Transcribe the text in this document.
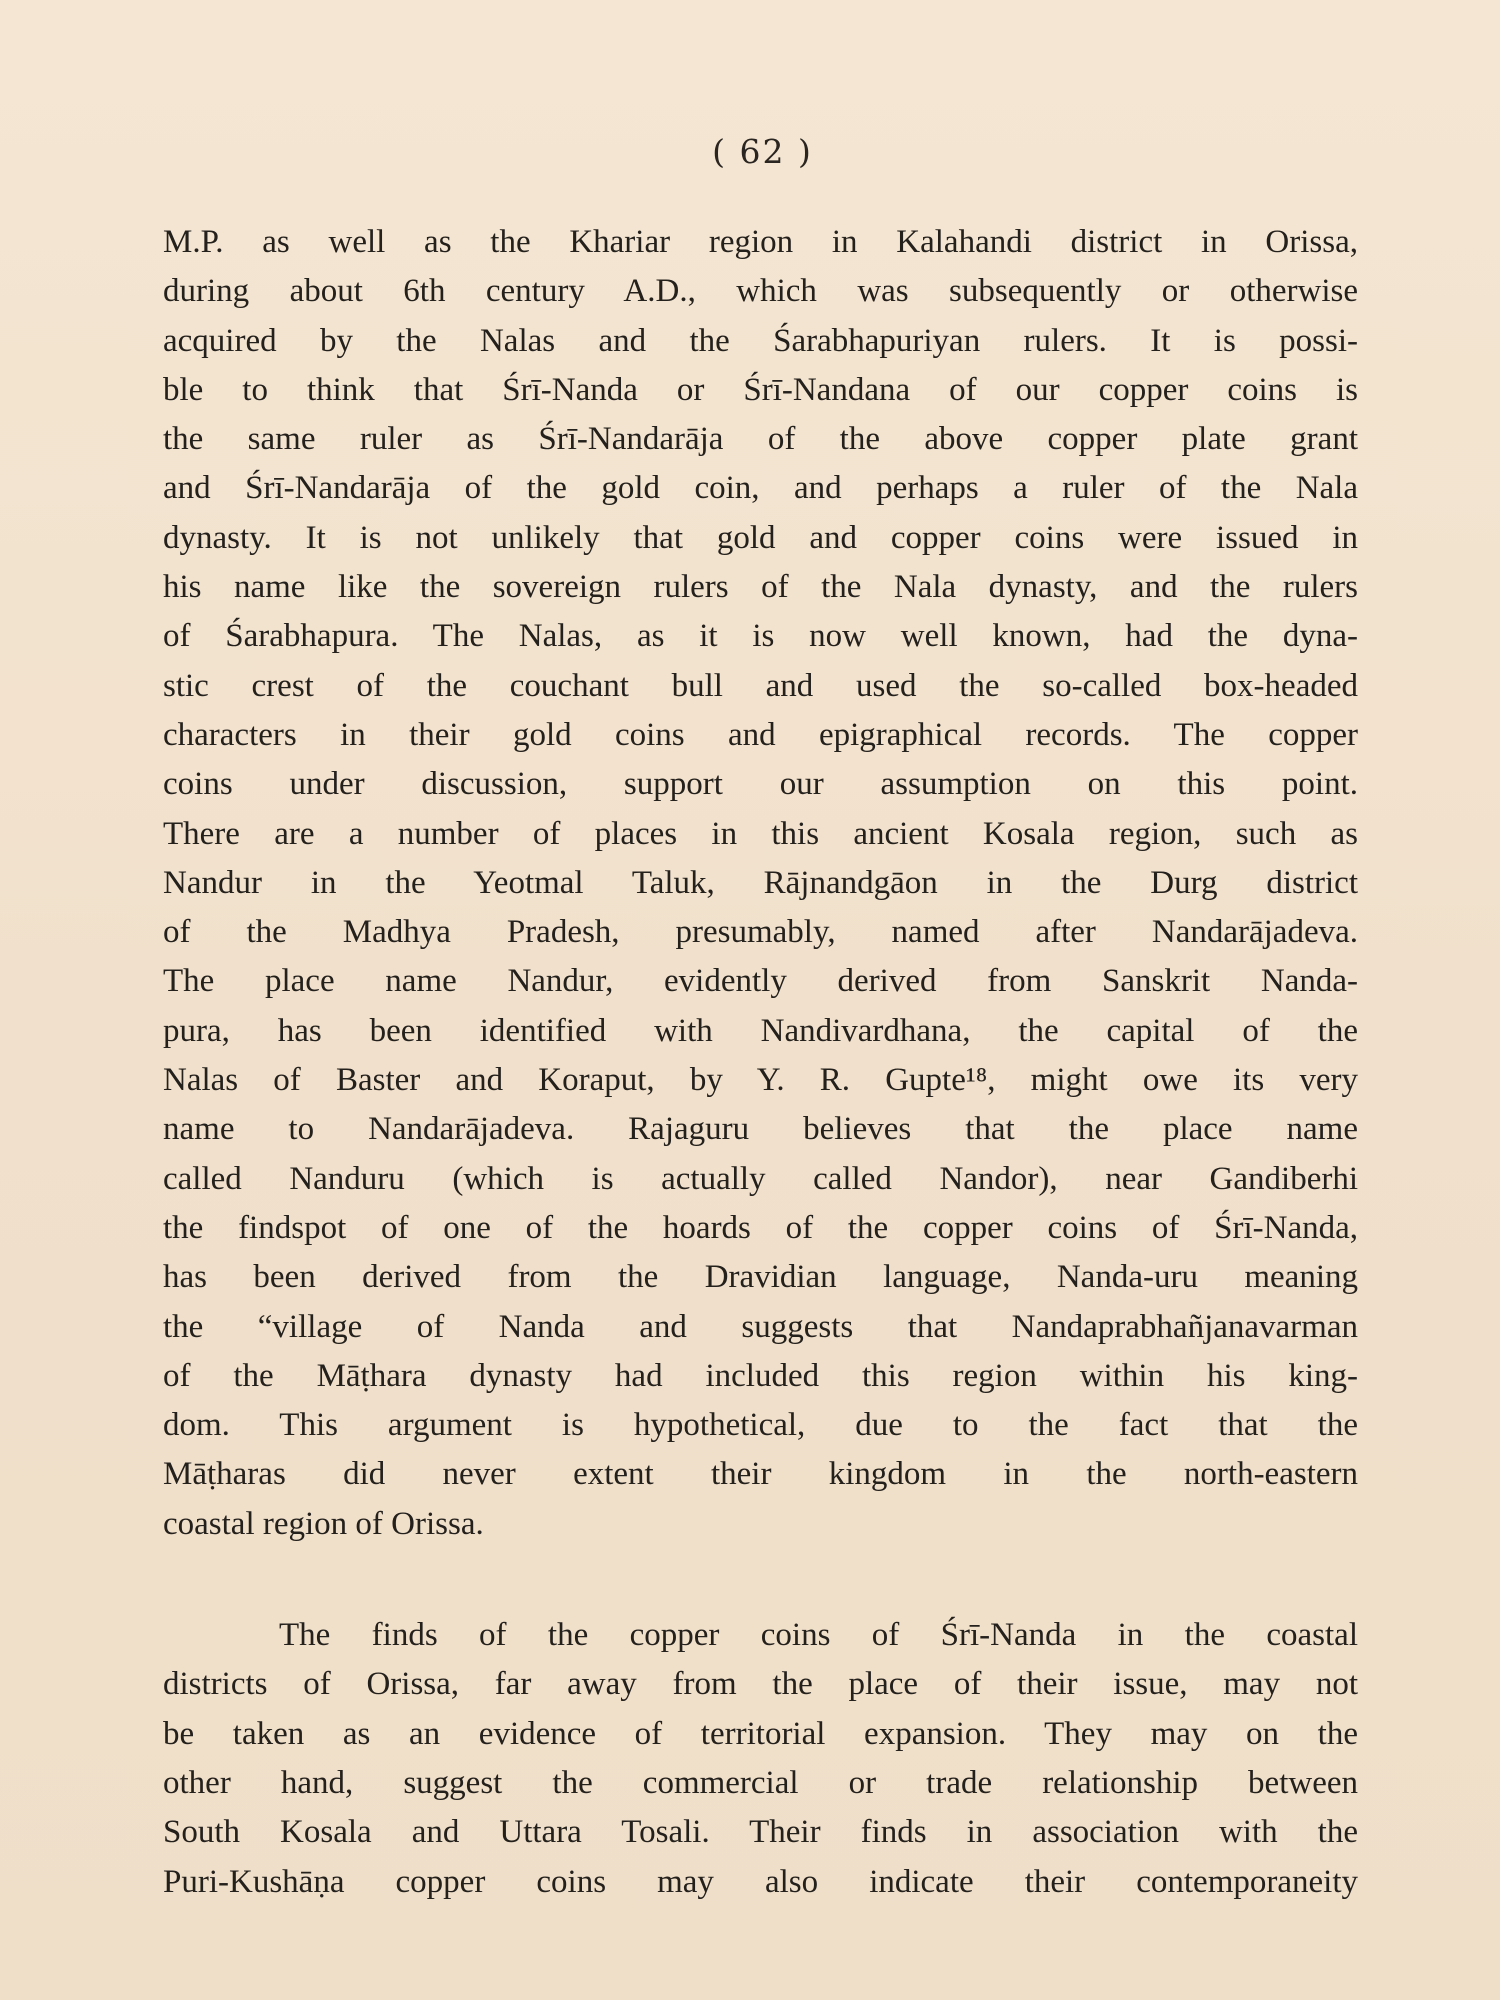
( 62 )
M.P. as well as the Khariar region in Kalahandi district in Orissa,
during about 6th century A.D., which was subsequently or otherwise
acquired by the Nalas and the Śarabhapuriyan rulers. It is possi-
ble to think that Śrī-Nanda or Śrī-Nandana of our copper coins is
the same ruler as Śrī-Nandarāja of the above copper plate grant
and Śrī-Nandarāja of the gold coin, and perhaps a ruler of the Nala
dynasty. It is not unlikely that gold and copper coins were issued in
his name like the sovereign rulers of the Nala dynasty, and the rulers
of Śarabhapura. The Nalas, as it is now well known, had the dyna-
stic crest of the couchant bull and used the so-called box-headed
characters in their gold coins and epigraphical records. The copper
coins under discussion, support our assumption on this point.
There are a number of places in this ancient Kosala region, such as
Nandur in the Yeotmal Taluk, Rājnandgāon in the Durg district
of the Madhya Pradesh, presumably, named after Nandarājadeva.
The place name Nandur, evidently derived from Sanskrit Nanda-
pura, has been identified with Nandivardhana, the capital of the
Nalas of Baster and Koraput, by Y. R. Gupte¹⁸, might owe its very
name to Nandarājadeva. Rajaguru believes that the place name
called Nanduru (which is actually called Nandor), near Gandiberhi
the findspot of one of the hoards of the copper coins of Śrī-Nanda,
has been derived from the Dravidian language, Nanda-uru meaning
the “village of Nanda and suggests that Nandaprabhañjanavarman
of the Māṭhara dynasty had included this region within his king-
dom. This argument is hypothetical, due to the fact that the
Māṭharas did never extent their kingdom in the north-eastern
coastal region of Orissa.
The finds of the copper coins of Śrī-Nanda in the coastal
districts of Orissa, far away from the place of their issue, may not
be taken as an evidence of territorial expansion. They may on the
other hand, suggest the commercial or trade relationship between
South Kosala and Uttara Tosali. Their finds in association with the
Puri-Kushāṇa copper coins may also indicate their contemporaneity
